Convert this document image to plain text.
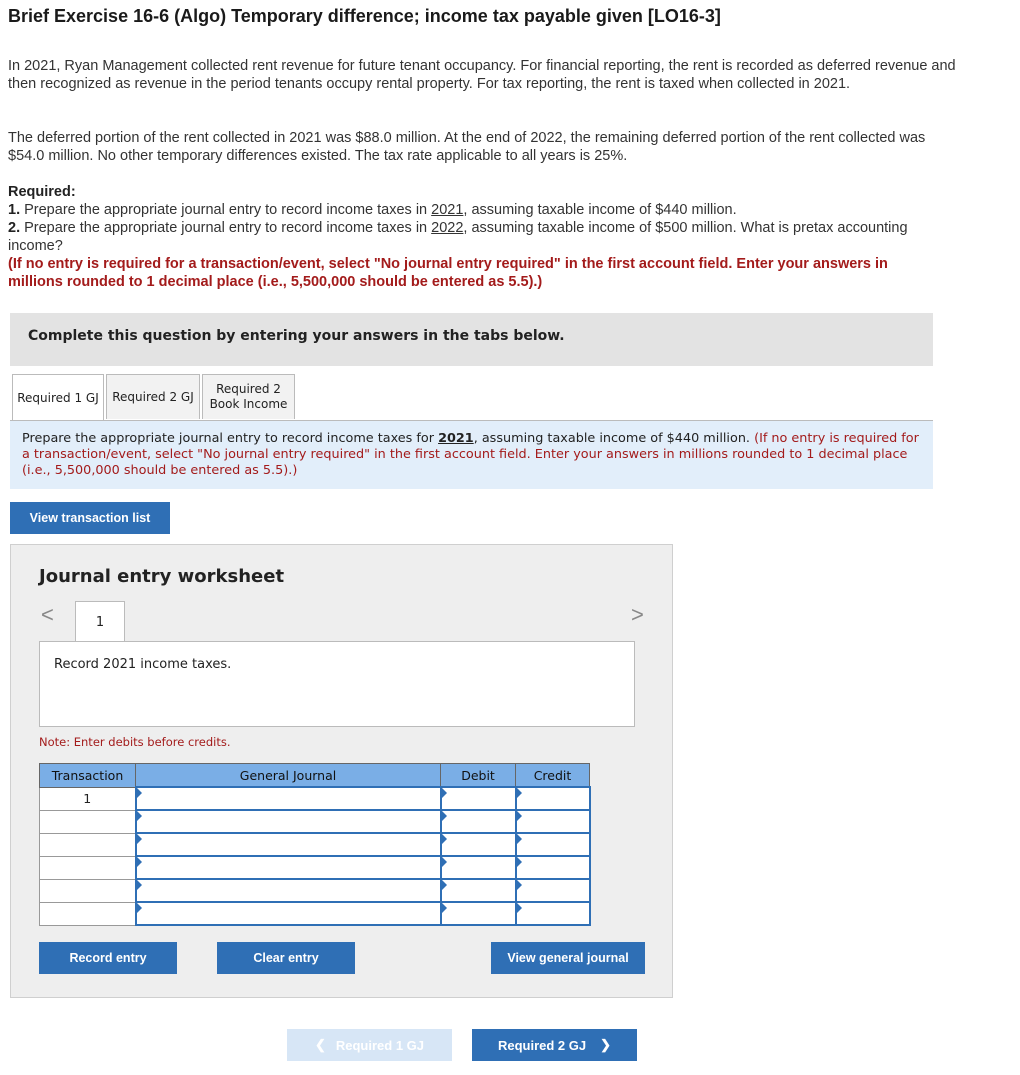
Brief Exercise 16-6 (Algo) Temporary difference; income tax payable given [LO16-3]
In 2021, Ryan Management collected rent revenue for future tenant occupancy. For financial reporting, the rent is recorded as deferred revenue and then recognized as revenue in the period tenants occupy rental property. For tax reporting, the rent is taxed when collected in 2021.
The deferred portion of the rent collected in 2021 was $88.0 million. At the end of 2022, the remaining deferred portion of the rent collected was $54.0 million. No other temporary differences existed. The tax rate applicable to all years is 25%.
Required:
1. Prepare the appropriate journal entry to record income taxes in 2021, assuming taxable income of $440 million.
2. Prepare the appropriate journal entry to record income taxes in 2022, assuming taxable income of $500 million. What is pretax accounting income?
(If no entry is required for a transaction/event, select "No journal entry required" in the first account field. Enter your answers in millions rounded to 1 decimal place (i.e., 5,500,000 should be entered as 5.5).)
Complete this question by entering your answers in the tabs below.
Required 1 GJ	Required 2 GJ
Required 2
Book Income
Prepare the appropriate journal entry to record income taxes for 2021, assuming taxable income of $440 million. (If no entry is required for a transaction/event, select "No journal entry required" in the first account field. Enter your answers in millions rounded to 1 decimal place (i.e., 5,500,000 should be entered as 5.5).)
View transaction list
Journal entry worksheet
<	>
1
Record 2021 income taxes.
Note: Enter debits before credits.
Transaction	General Journal	Debit	Credit
1			

Record entry	Clear entry	View general journal
❮ Required 1 GJ	Required 2 GJ ❯
